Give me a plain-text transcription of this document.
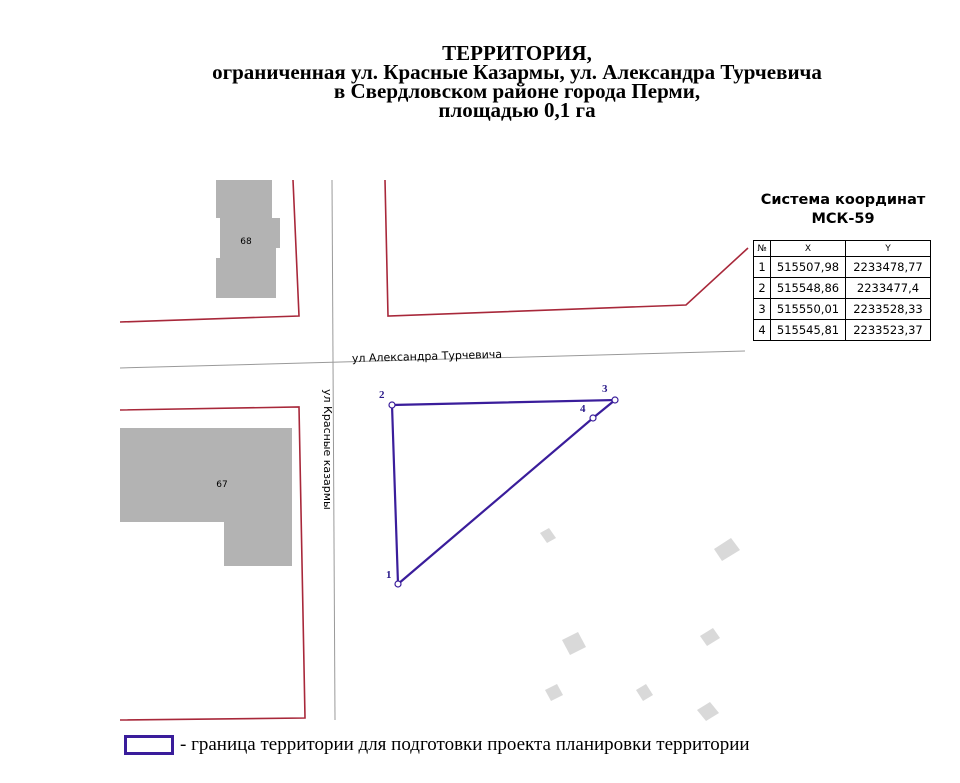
ТЕРРИТОРИЯ,
ограниченная ул. Красные Казармы, ул. Александра Турчевича
в Свердловском районе города Перми,
площадью 0,1 га
68
67
ул Александра Турчевича
ул Красные казармы
1
2	3
4
Система координат
МСК-59
№	X	Y
1	515507,98	2233478,77
2	515548,86	2233477,4
3	515550,01	2233528,33
4	515545,81	2233523,37
- граница территории для подготовки проекта планировки территории
